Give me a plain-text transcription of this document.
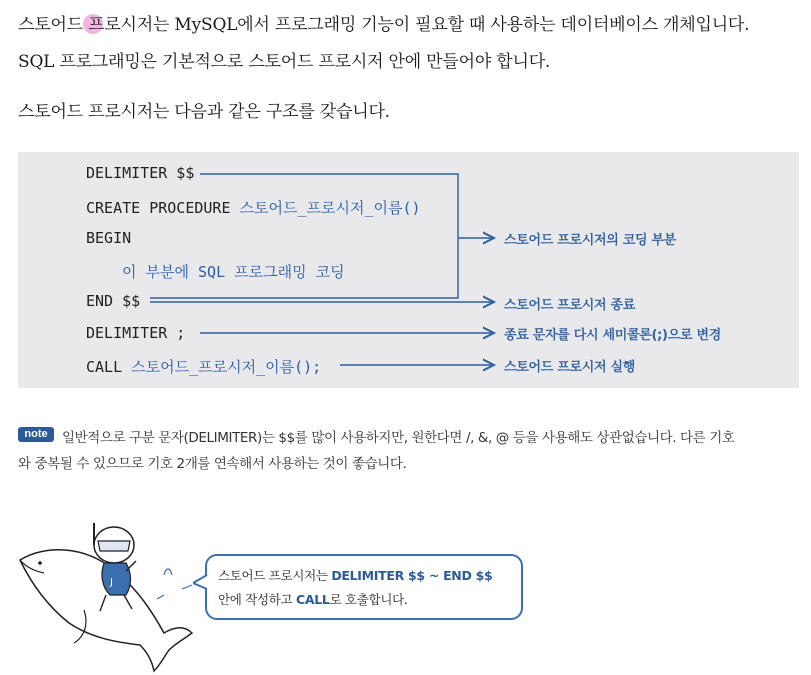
스토어드 프로시저는 MySQL에서 프로그래밍 기능이 필요할 때 사용하는 데이터베이스 개체입니다.
SQL 프로그래밍은 기본적으로 스토어드 프로시저 안에 만들어야 합니다.
스토어드 프로시저는 다음과 같은 구조를 갖습니다.
DELIMITER $$
CREATE PROCEDURE 스토어드_프로시저_이름()
BEGIN
이 부분에 SQL 프로그래밍 코딩
END $$
DELIMITER ;
CALL 스토어드_프로시저_이름();
스토어드 프로시저의 코딩 부분
스토어드 프로시저 종료
종료 문자를 다시 세미콜론(;)으로 변경
스토어드 프로시저 실행
note	일반적으로 구분 문자(DELIMITER)는 $$를 많이 사용하지만, 원한다면 /, &, @ 등을 사용해도 상관없습니다. 다른 기호
와 중복될 수 있으므로 기호 2개를 연속해서 사용하는 것이 좋습니다.
J	스토어드 프로시저는 DELIMITER $$ ~ END $$
안에 작성하고 CALL로 호출합니다.
